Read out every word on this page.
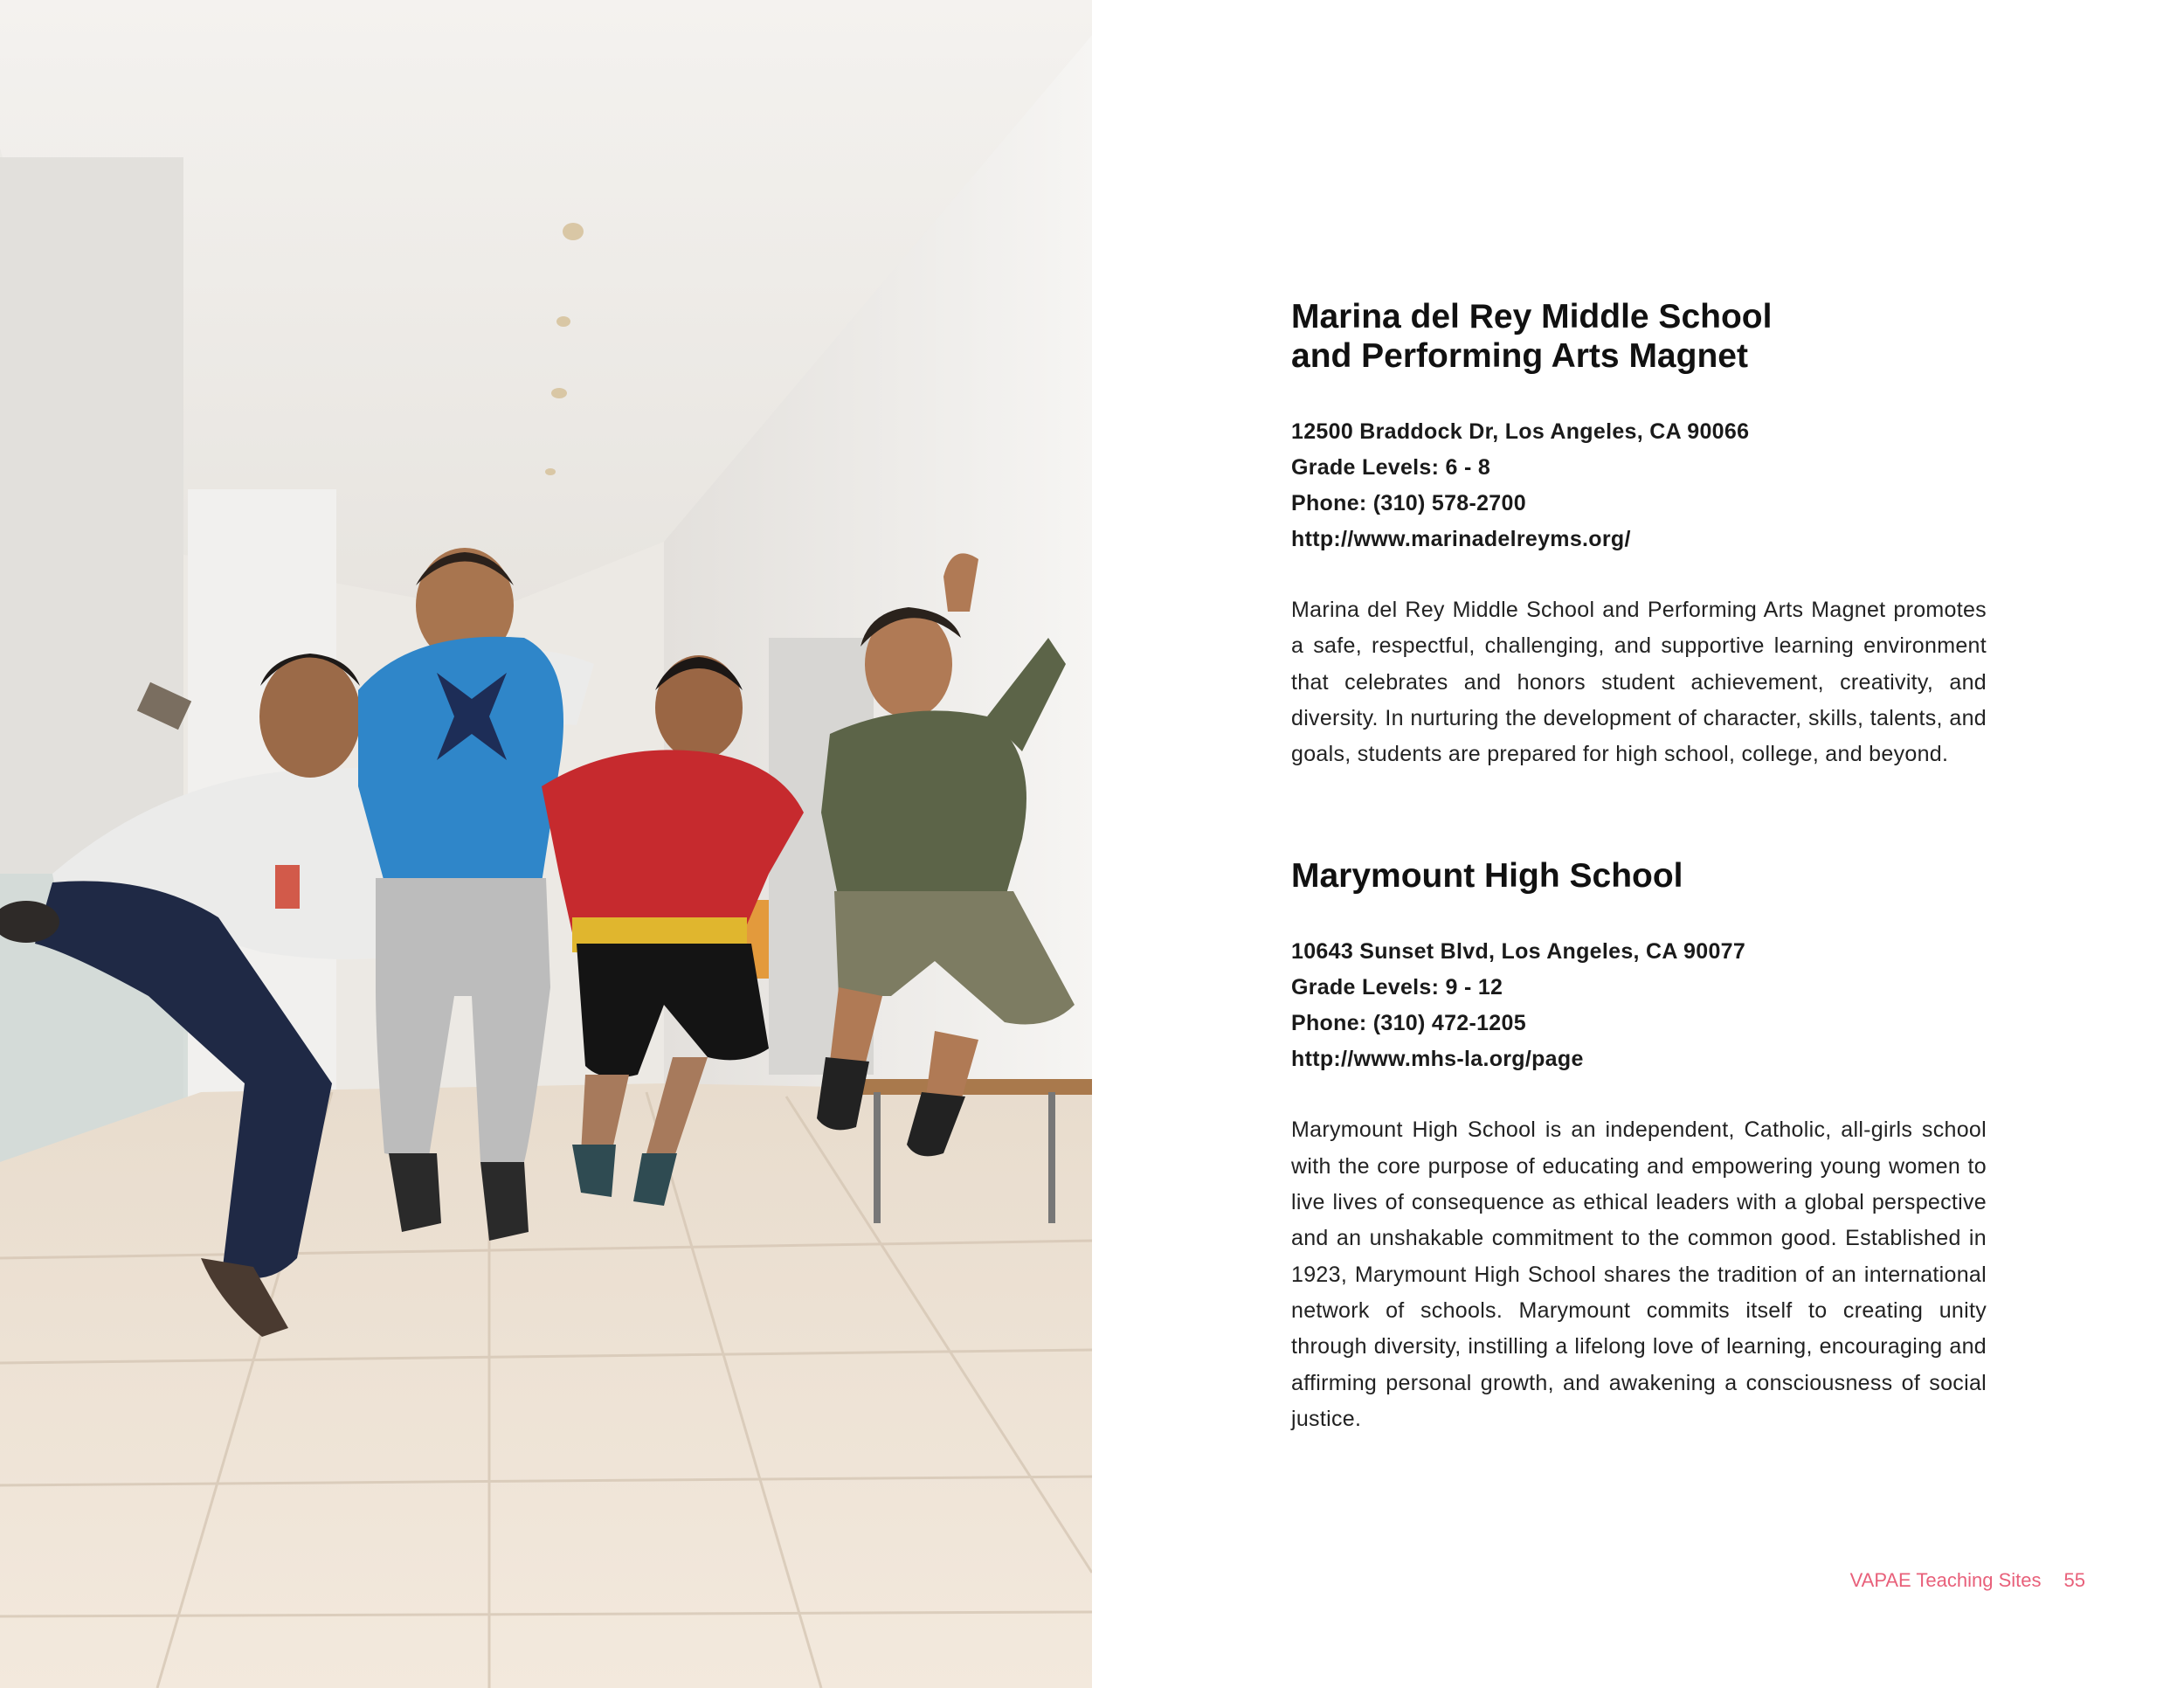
Marina del Rey Middle School
and Performing Arts Magnet
12500 Braddock Dr, Los Angeles, CA 90066
Grade Levels: 6 - 8
Phone: (310) 578-2700
http://www.marinadelreyms.org/

Marina del Rey Middle School and Performing Arts Magnet promotes a safe, respectful, challenging, and supportive learning environment that celebrates and honors student achievement, creativity, and diversity. In nurturing the development of character, skills, talents, and goals, students are prepared for high school, college, and beyond.

Marymount High School
10643 Sunset Blvd, Los Angeles, CA 90077
Grade Levels: 9 - 12
Phone: (310) 472-1205
http://www.mhs-la.org/page

Marymount High School is an independent, Catholic, all-girls school with the core purpose of educating and empowering young women to live lives of consequence as ethical leaders with a global perspective and an unshakable commitment to the common good. Established in 1923, Marymount High School shares the tradition of an international network of schools. Marymount commits itself to creating unity through diversity, instilling a lifelong love of learning, encouraging and affirming personal growth, and awakening a consciousness of social justice.

VAPAE Teaching Sites 55
